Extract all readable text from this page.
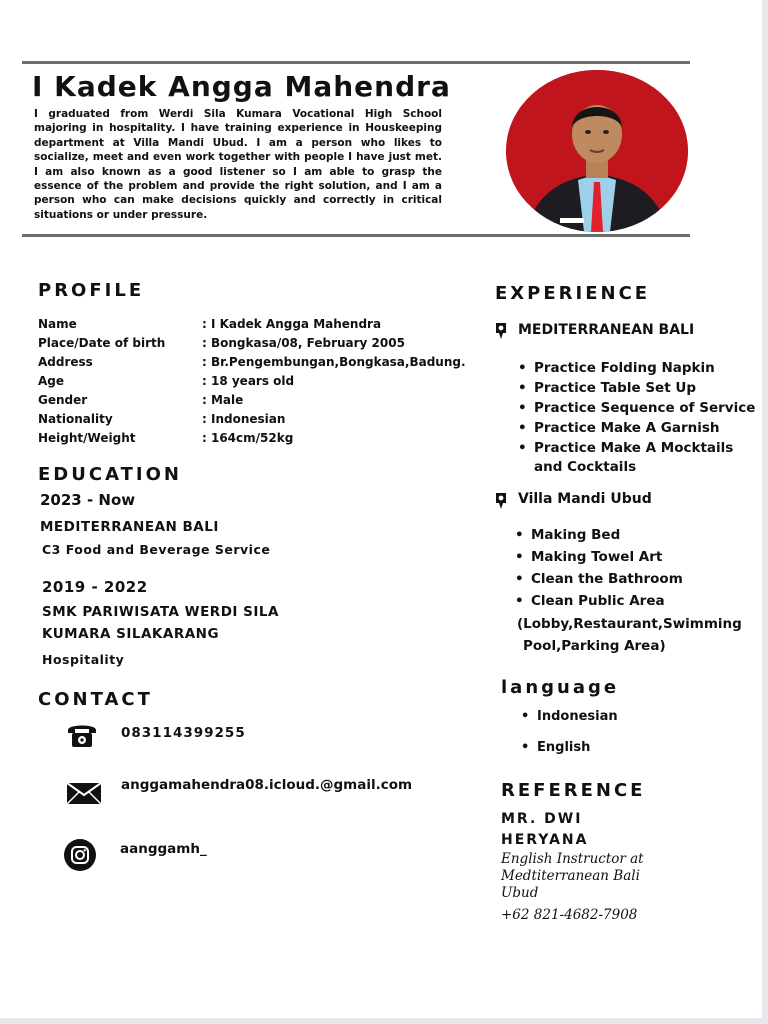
I Kadek Angga Mahendra
I graduated from Werdi Sila Kumara Vocational High School majoring in hospitality. I have training experience in Houskeeping department at Villa Mandi Ubud. I am a person who likes to socialize, meet and even work together with people I have just met. I am also known as a good listener so I am able to grasp the essence of the problem and provide the right solution, and I am a person who can make decisions quickly and correctly in critical situations or under pressure.
PROFILE
Name	: I Kadek Angga Mahendra
Place/Date of birth	: Bongkasa/08, February 2005
Address	: Br.Pengembungan,Bongkasa,Badung.
Age	: 18 years old
Gender	: Male
Nationality	: Indonesian
Height/Weight	: 164cm/52kg
EDUCATION
2023 - Now
MEDITERRANEAN BALI
C3 Food and Beverage Service
2019 - 2022
SMK PARIWISATA WERDI SILA
KUMARA SILAKARANG
Hospitality
CONTACT
083114399255
anggamahendra08.icloud.@gmail.com
aanggamh_
EXPERIENCE
MEDITERRANEAN BALI
• Practice Folding Napkin
• Practice Table Set Up
• Practice Sequence of Service
• Practice Make A Garnish
• Practice Make A Mocktails
and Cocktails
Villa Mandi Ubud
• Making Bed
• Making Towel Art
• Clean the Bathroom
• Clean Public Area
(Lobby,Restaurant,Swimming
Pool,Parking Area)
language
• Indonesian
• English
REFERENCE
MR. DWI
HERYANA
English Instructor at
Medtiterranean Bali
Ubud
+62 821-4682-7908
